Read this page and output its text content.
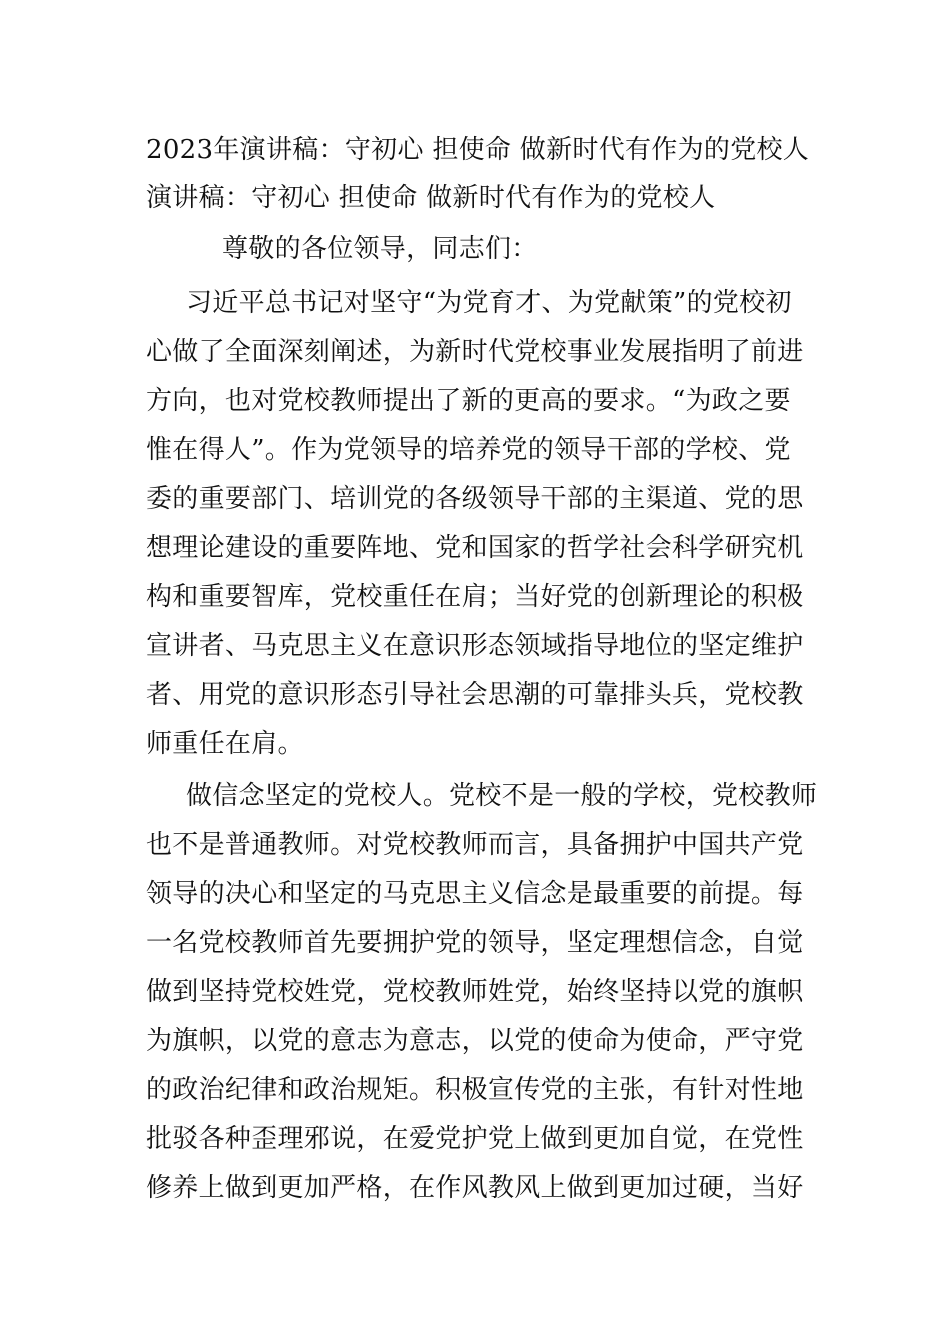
2023年演讲稿：守初心 担使命 做新时代有作为的党校人
演讲稿：守初心 担使命 做新时代有作为的党校人
尊敬的各位领导，同志们：
习近平总书记对坚守“为党育才、为党献策”的党校初
心做了全面深刻阐述，为新时代党校事业发展指明了前进
方向，也对党校教师提出了新的更高的要求。“为政之要
惟在得人”。作为党领导的培养党的领导干部的学校、党
委的重要部门、培训党的各级领导干部的主渠道、党的思
想理论建设的重要阵地、党和国家的哲学社会科学研究机
构和重要智库，党校重任在肩；当好党的创新理论的积极
宣讲者、马克思主义在意识形态领域指导地位的坚定维护
者、用党的意识形态引导社会思潮的可靠排头兵，党校教
师重任在肩。
做信念坚定的党校人。党校不是一般的学校，党校教师
也不是普通教师。对党校教师而言，具备拥护中国共产党
领导的决心和坚定的马克思主义信念是最重要的前提。每
一名党校教师首先要拥护党的领导，坚定理想信念，自觉
做到坚持党校姓党，党校教师姓党，始终坚持以党的旗帜
为旗帜，以党的意志为意志，以党的使命为使命，严守党
的政治纪律和政治规矩。积极宣传党的主张，有针对性地
批驳各种歪理邪说，在爱党护党上做到更加自觉，在党性
修养上做到更加严格，在作风教风上做到更加过硬，当好
